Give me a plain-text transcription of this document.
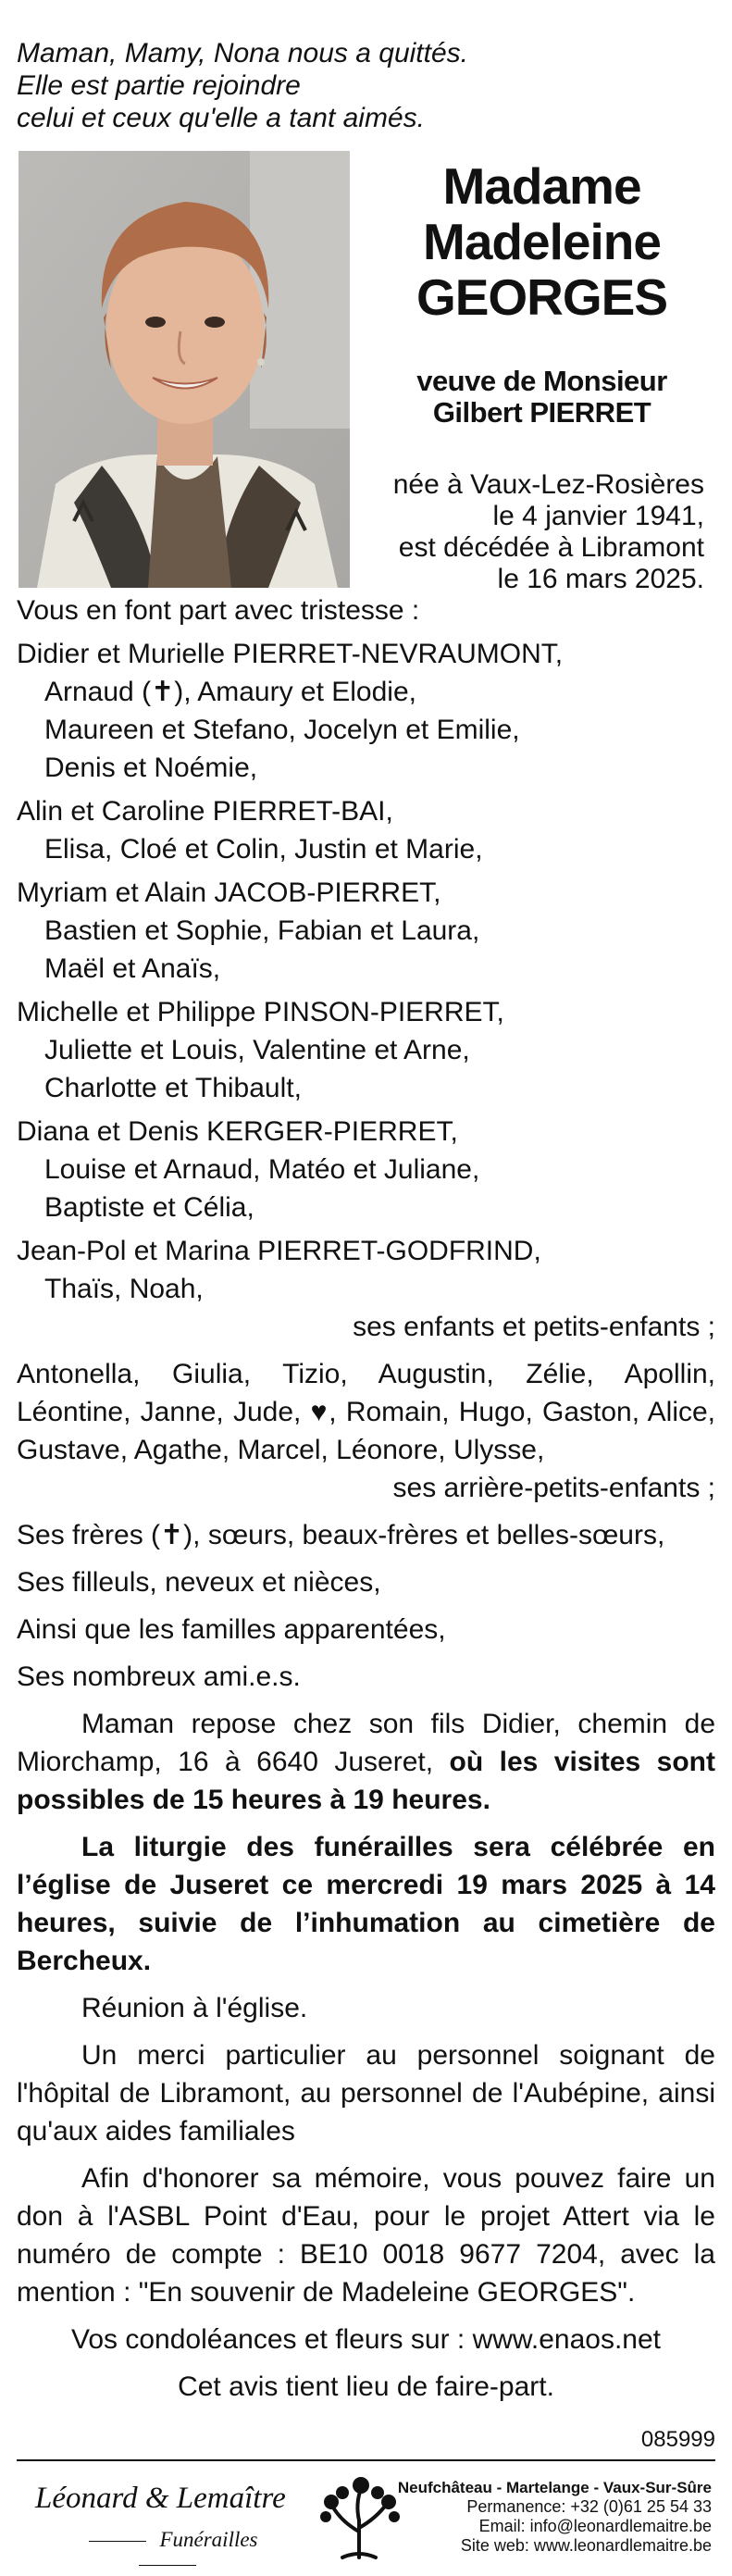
Maman, Mamy, Nona nous a quittés.
Elle est partie rejoindre
celui et ceux qu'elle a tant aimés.
Madame
Madeleine
GEORGES
veuve de Monsieur
Gilbert PIERRET
née à Vaux-Lez-Rosières
le 4 janvier 1941,
est décédée à Libramont
le 16 mars 2025.
Vous en font part avec tristesse :
Didier et Murielle PIERRET-NEVRAUMONT,
Arnaud (✝), Amaury et Elodie,
Maureen et Stefano, Jocelyn et Emilie,
Denis et Noémie,
Alin et Caroline PIERRET-BAI,
Elisa, Cloé et Colin, Justin et Marie,
Myriam et Alain JACOB-PIERRET,
Bastien et Sophie, Fabian et Laura,
Maël et Anaïs,
Michelle et Philippe PINSON-PIERRET,
Juliette et Louis, Valentine et Arne,
Charlotte et Thibault,
Diana et Denis KERGER-PIERRET,
Louise et Arnaud, Matéo et Juliane,
Baptiste et Célia,
Jean-Pol et Marina PIERRET-GODFRIND,
Thaïs, Noah,
ses enfants et petits-enfants ;
Antonella, Giulia, Tizio, Augustin, Zélie, Apollin, Léontine, Janne, Jude, ♥, Romain, Hugo, Gaston, Alice, Gustave, Agathe, Marcel, Léonore, Ulysse,
ses arrière-petits-enfants ;
Ses frères (✝), sœurs, beaux-frères et belles-sœurs,
Ses filleuls, neveux et nièces,
Ainsi que les familles apparentées,
Ses nombreux ami.e.s.
Maman repose chez son fils Didier, chemin de Miorchamp, 16 à 6640 Juseret, où les visites sont possibles de 15 heures à 19 heures.
La liturgie des funérailles sera célébrée en l’église de Juseret ce mercredi 19 mars 2025 à 14 heures, suivie de l’inhumation au cimetière de Bercheux.
Réunion à l'église.
Un merci particulier au personnel soignant de l'hôpital de Libramont, au personnel de l'Aubépine, ainsi qu'aux aides familiales
Afin d'honorer sa mémoire, vous pouvez faire un don à l'ASBL Point d'Eau, pour le projet Attert via le numéro de compte : BE10 0018 9677 7204, avec la mention : "En souvenir de Madeleine GEORGES".
Vos condoléances et fleurs sur : www.enaos.net
Cet avis tient lieu de faire-part.
085999
Léonard & Lemaître
Funérailles
Neufchâteau - Martelange - Vaux-Sur-Sûre
Permanence: +32 (0)61 25 54 33
Email: info@leonardlemaitre.be
Site web: www.leonardlemaitre.be
